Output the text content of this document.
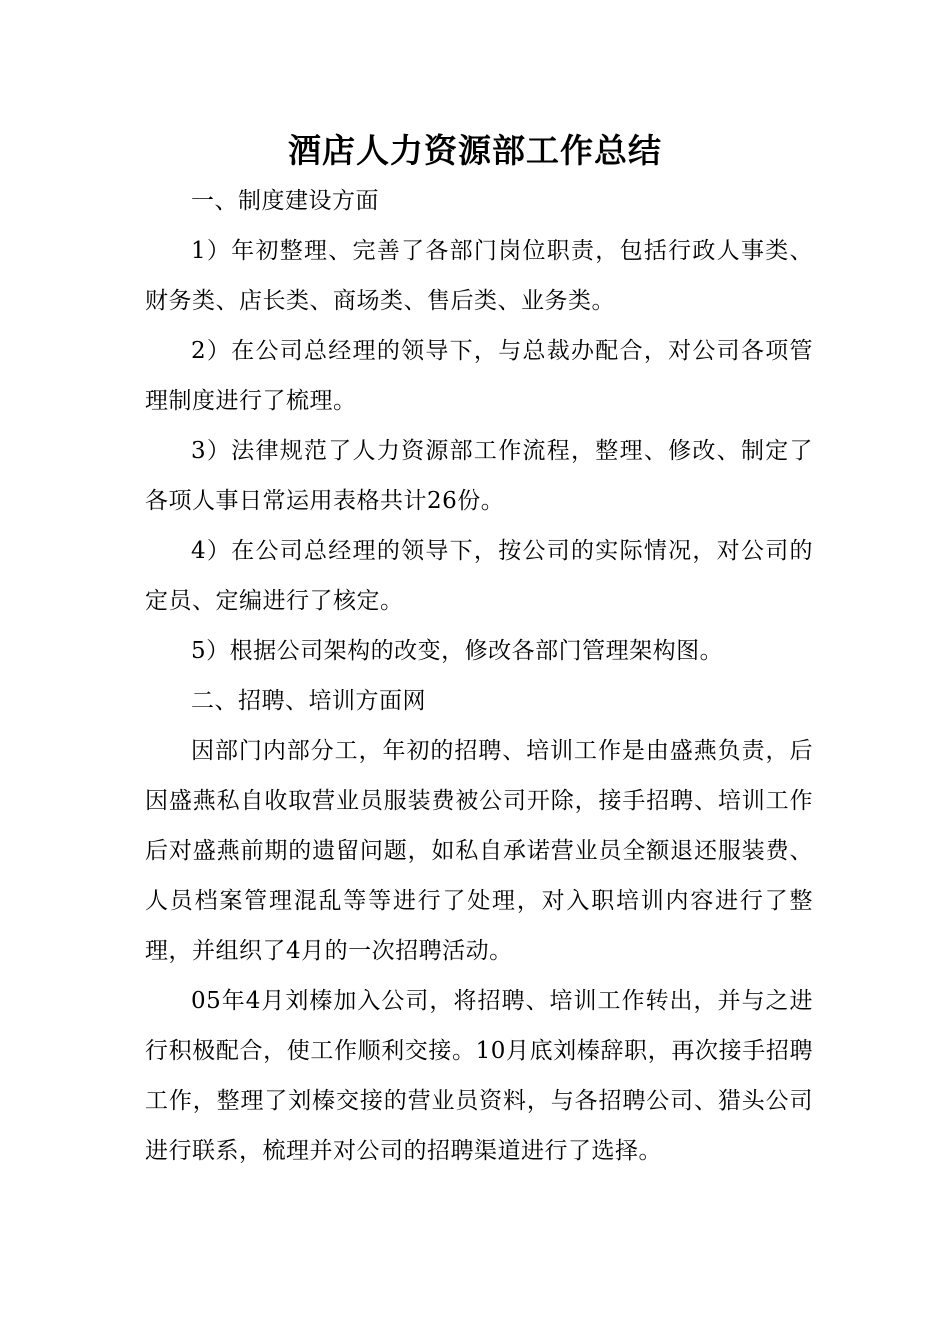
酒店人力资源部工作总结

一、制度建设方面

1）年初整理、完善了各部门岗位职责，包括行政人事类、财务类、店长类、商场类、售后类、业务类。

2）在公司总经理的领导下，与总裁办配合，对公司各项管理制度进行了梳理。

3）法律规范了人力资源部工作流程，整理、修改、制定了各项人事日常运用表格共计26份。

4）在公司总经理的领导下，按公司的实际情况，对公司的定员、定编进行了核定。

5）根据公司架构的改变，修改各部门管理架构图。

二、招聘、培训方面网

因部门内部分工，年初的招聘、培训工作是由盛燕负责，后因盛燕私自收取营业员服装费被公司开除，接手招聘、培训工作后对盛燕前期的遗留问题，如私自承诺营业员全额退还服装费、人员档案管理混乱等等进行了处理，对入职培训内容进行了整理，并组织了4月的一次招聘活动。

05年4月刘榛加入公司，将招聘、培训工作转出，并与之进行积极配合，使工作顺利交接。10月底刘榛辞职，再次接手招聘工作，整理了刘榛交接的营业员资料，与各招聘公司、猎头公司进行联系，梳理并对公司的招聘渠道进行了选择。
